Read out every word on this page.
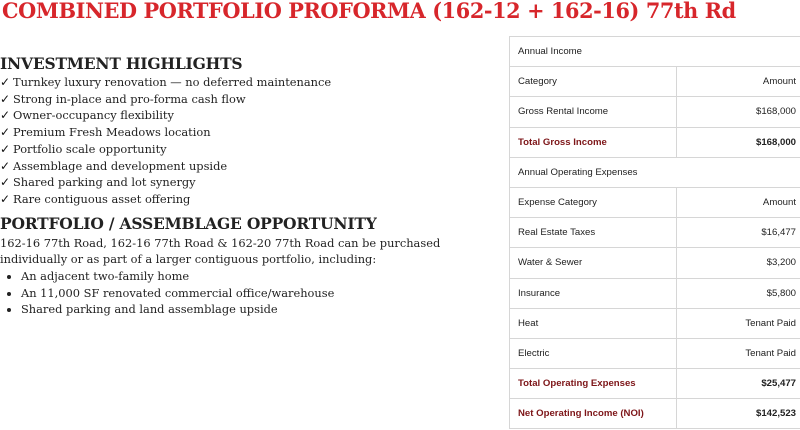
COMBINED PORTFOLIO PROFORMA (162-12 + 162-16) 77th Rd
INVESTMENT HIGHLIGHTS
✓ Turnkey luxury renovation — no deferred maintenance
✓ Strong in-place and pro-forma cash flow
✓ Owner-occupancy flexibility
✓ Premium Fresh Meadows location
✓ Portfolio scale opportunity
✓ Assemblage and development upside
✓ Shared parking and lot synergy
✓ Rare contiguous asset offering
PORTFOLIO / ASSEMBLAGE OPPORTUNITY

162-16 77th Road, 162-16 77th Road & 162-20 77th Road can be purchased individually or as part of a larger contiguous portfolio, including:

• An adjacent two-family home
• An 11,000 SF renovated commercial office/warehouse
• Shared parking and land assemblage upside
Annual Income	
Category	Amount
Gross Rental Income	$168,000
Total Gross Income	$168,000
Annual Operating Expenses	
Expense Category	Amount
Real Estate Taxes	$16,477
Water & Sewer	$3,200
Insurance	$5,800
Heat	Tenant Paid
Electric	Tenant Paid
Total Operating Expenses	$25,477
Net Operating Income (NOI)	$142,523
